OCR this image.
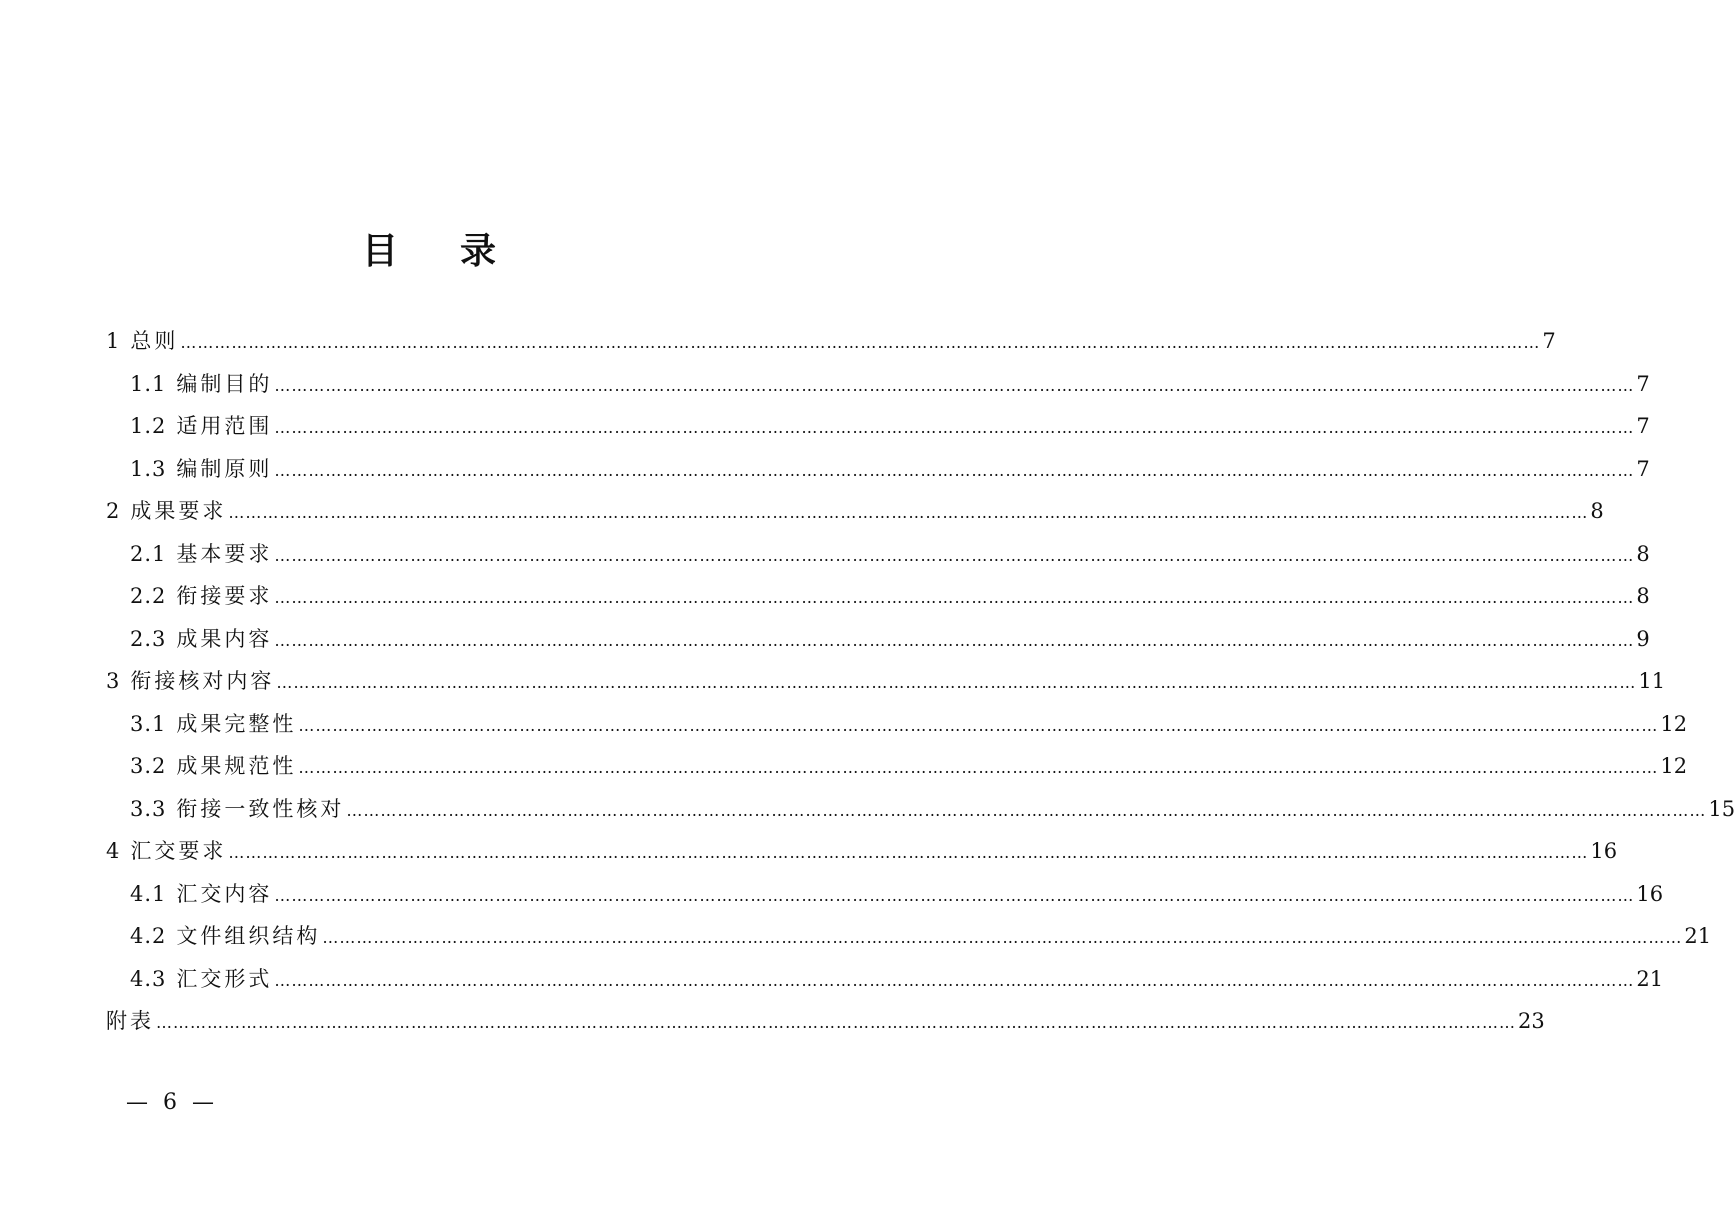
目 录
1 总则 …………………………………………………………………………………………………………………………………………………………………………………………………………………… 7
1.1 编制目的 …………………………………………………………………………………………………………………………………………………………………………………………………………………… 7
1.2 适用范围 …………………………………………………………………………………………………………………………………………………………………………………………………………………… 7
1.3 编制原则 …………………………………………………………………………………………………………………………………………………………………………………………………………………… 7
2 成果要求 …………………………………………………………………………………………………………………………………………………………………………………………………………………… 8
2.1 基本要求 …………………………………………………………………………………………………………………………………………………………………………………………………………………… 8
2.2 衔接要求 …………………………………………………………………………………………………………………………………………………………………………………………………………………… 8
2.3 成果内容 …………………………………………………………………………………………………………………………………………………………………………………………………………………… 9
3 衔接核对内容 …………………………………………………………………………………………………………………………………………………………………………………………………………………… 11
3.1 成果完整性 …………………………………………………………………………………………………………………………………………………………………………………………………………………… 12
3.2 成果规范性 …………………………………………………………………………………………………………………………………………………………………………………………………………………… 12
3.3 衔接一致性核对 …………………………………………………………………………………………………………………………………………………………………………………………………………………… 15
4 汇交要求 …………………………………………………………………………………………………………………………………………………………………………………………………………………… 16
4.1 汇交内容 …………………………………………………………………………………………………………………………………………………………………………………………………………………… 16
4.2 文件组织结构 …………………………………………………………………………………………………………………………………………………………………………………………………………………… 21
4.3 汇交形式 …………………………………………………………………………………………………………………………………………………………………………………………………………………… 21
附表 …………………………………………………………………………………………………………………………………………………………………………………………………………………… 23
— 6 —
